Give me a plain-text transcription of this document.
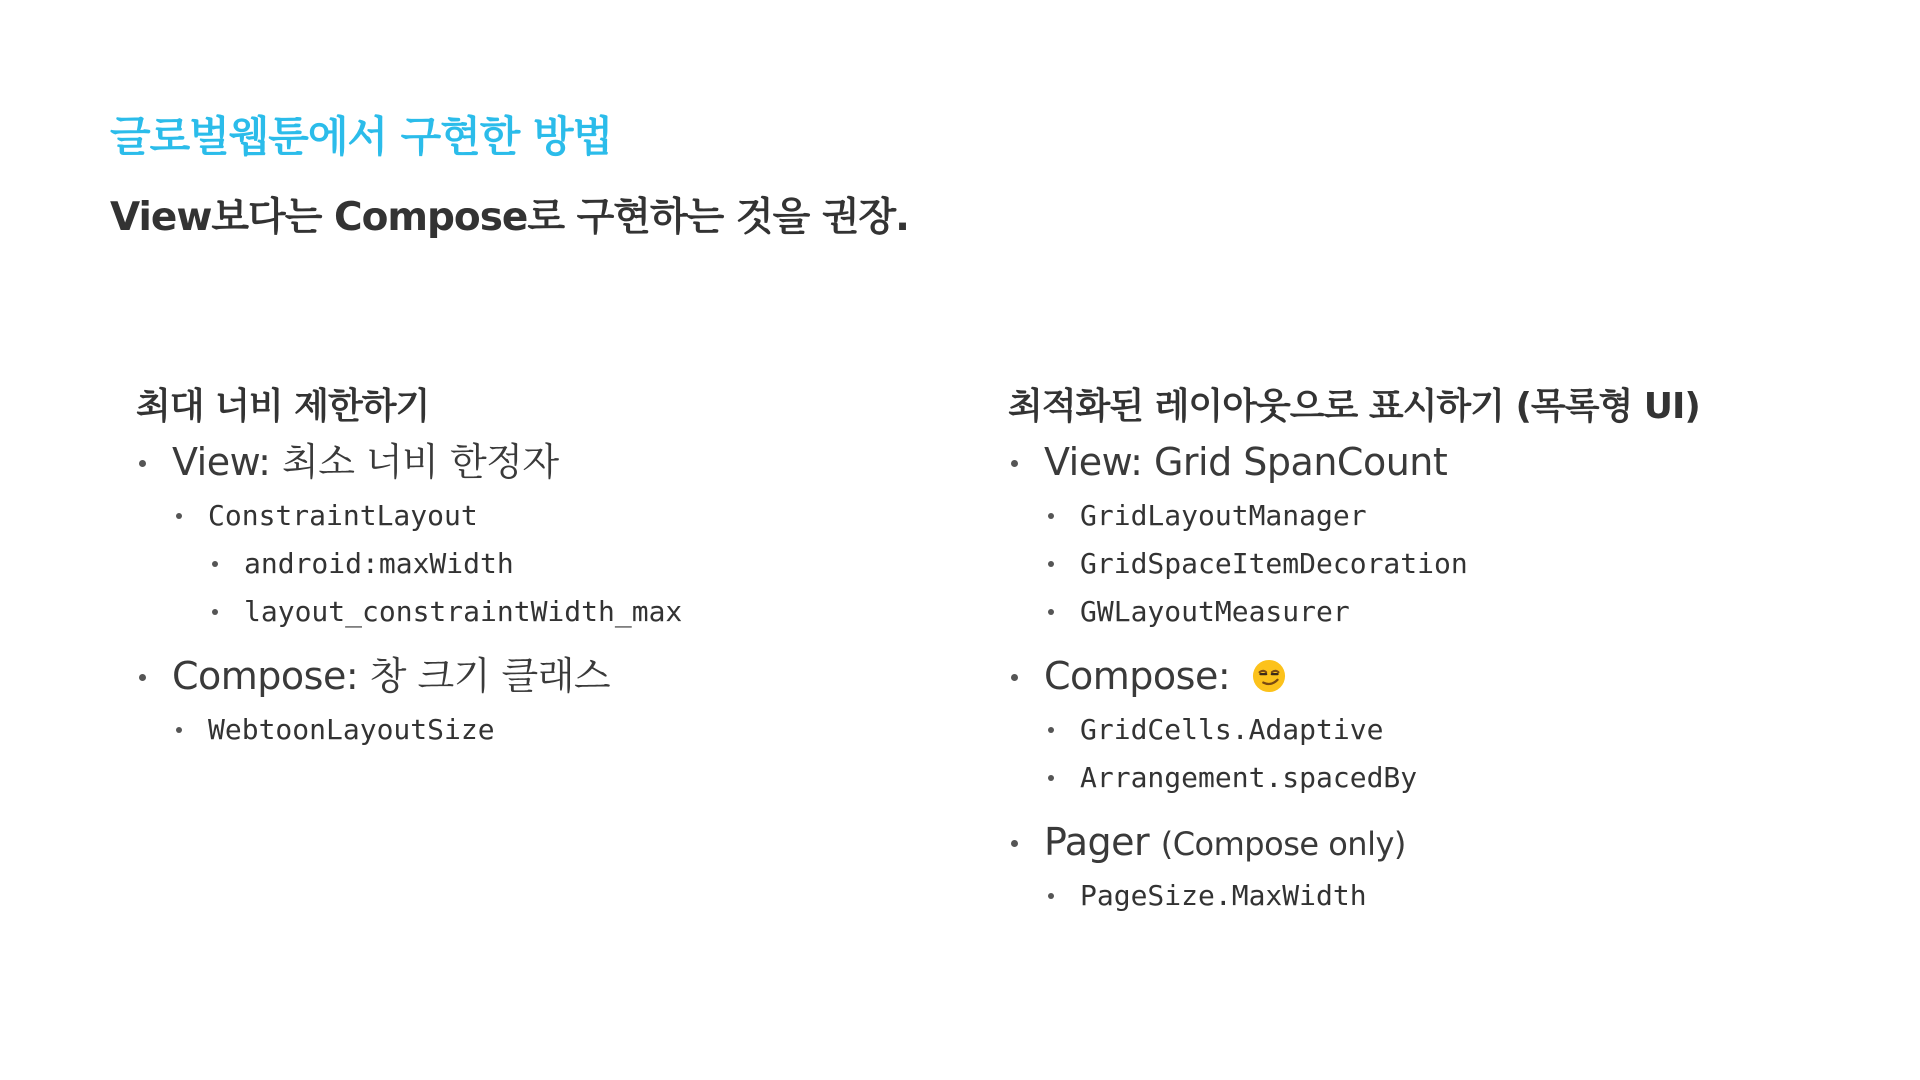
글로벌웹툰에서 구현한 방법
View보다는 Compose로 구현하는 것을 권장.
최대 너비 제한하기
View: 최소 너비 한정자
ConstraintLayout
android:maxWidth
layout_constraintWidth_max
Compose: 창 크기 클래스
WebtoonLayoutSize
최적화된 레이아웃으로 표시하기 (목록형 UI)
View: Grid SpanCount
GridLayoutManager
GridSpaceItemDecoration
GWLayoutMeasurer
Compose:
GridCells.Adaptive
Arrangement.spacedBy
Pager (Compose only)
PageSize.MaxWidth
